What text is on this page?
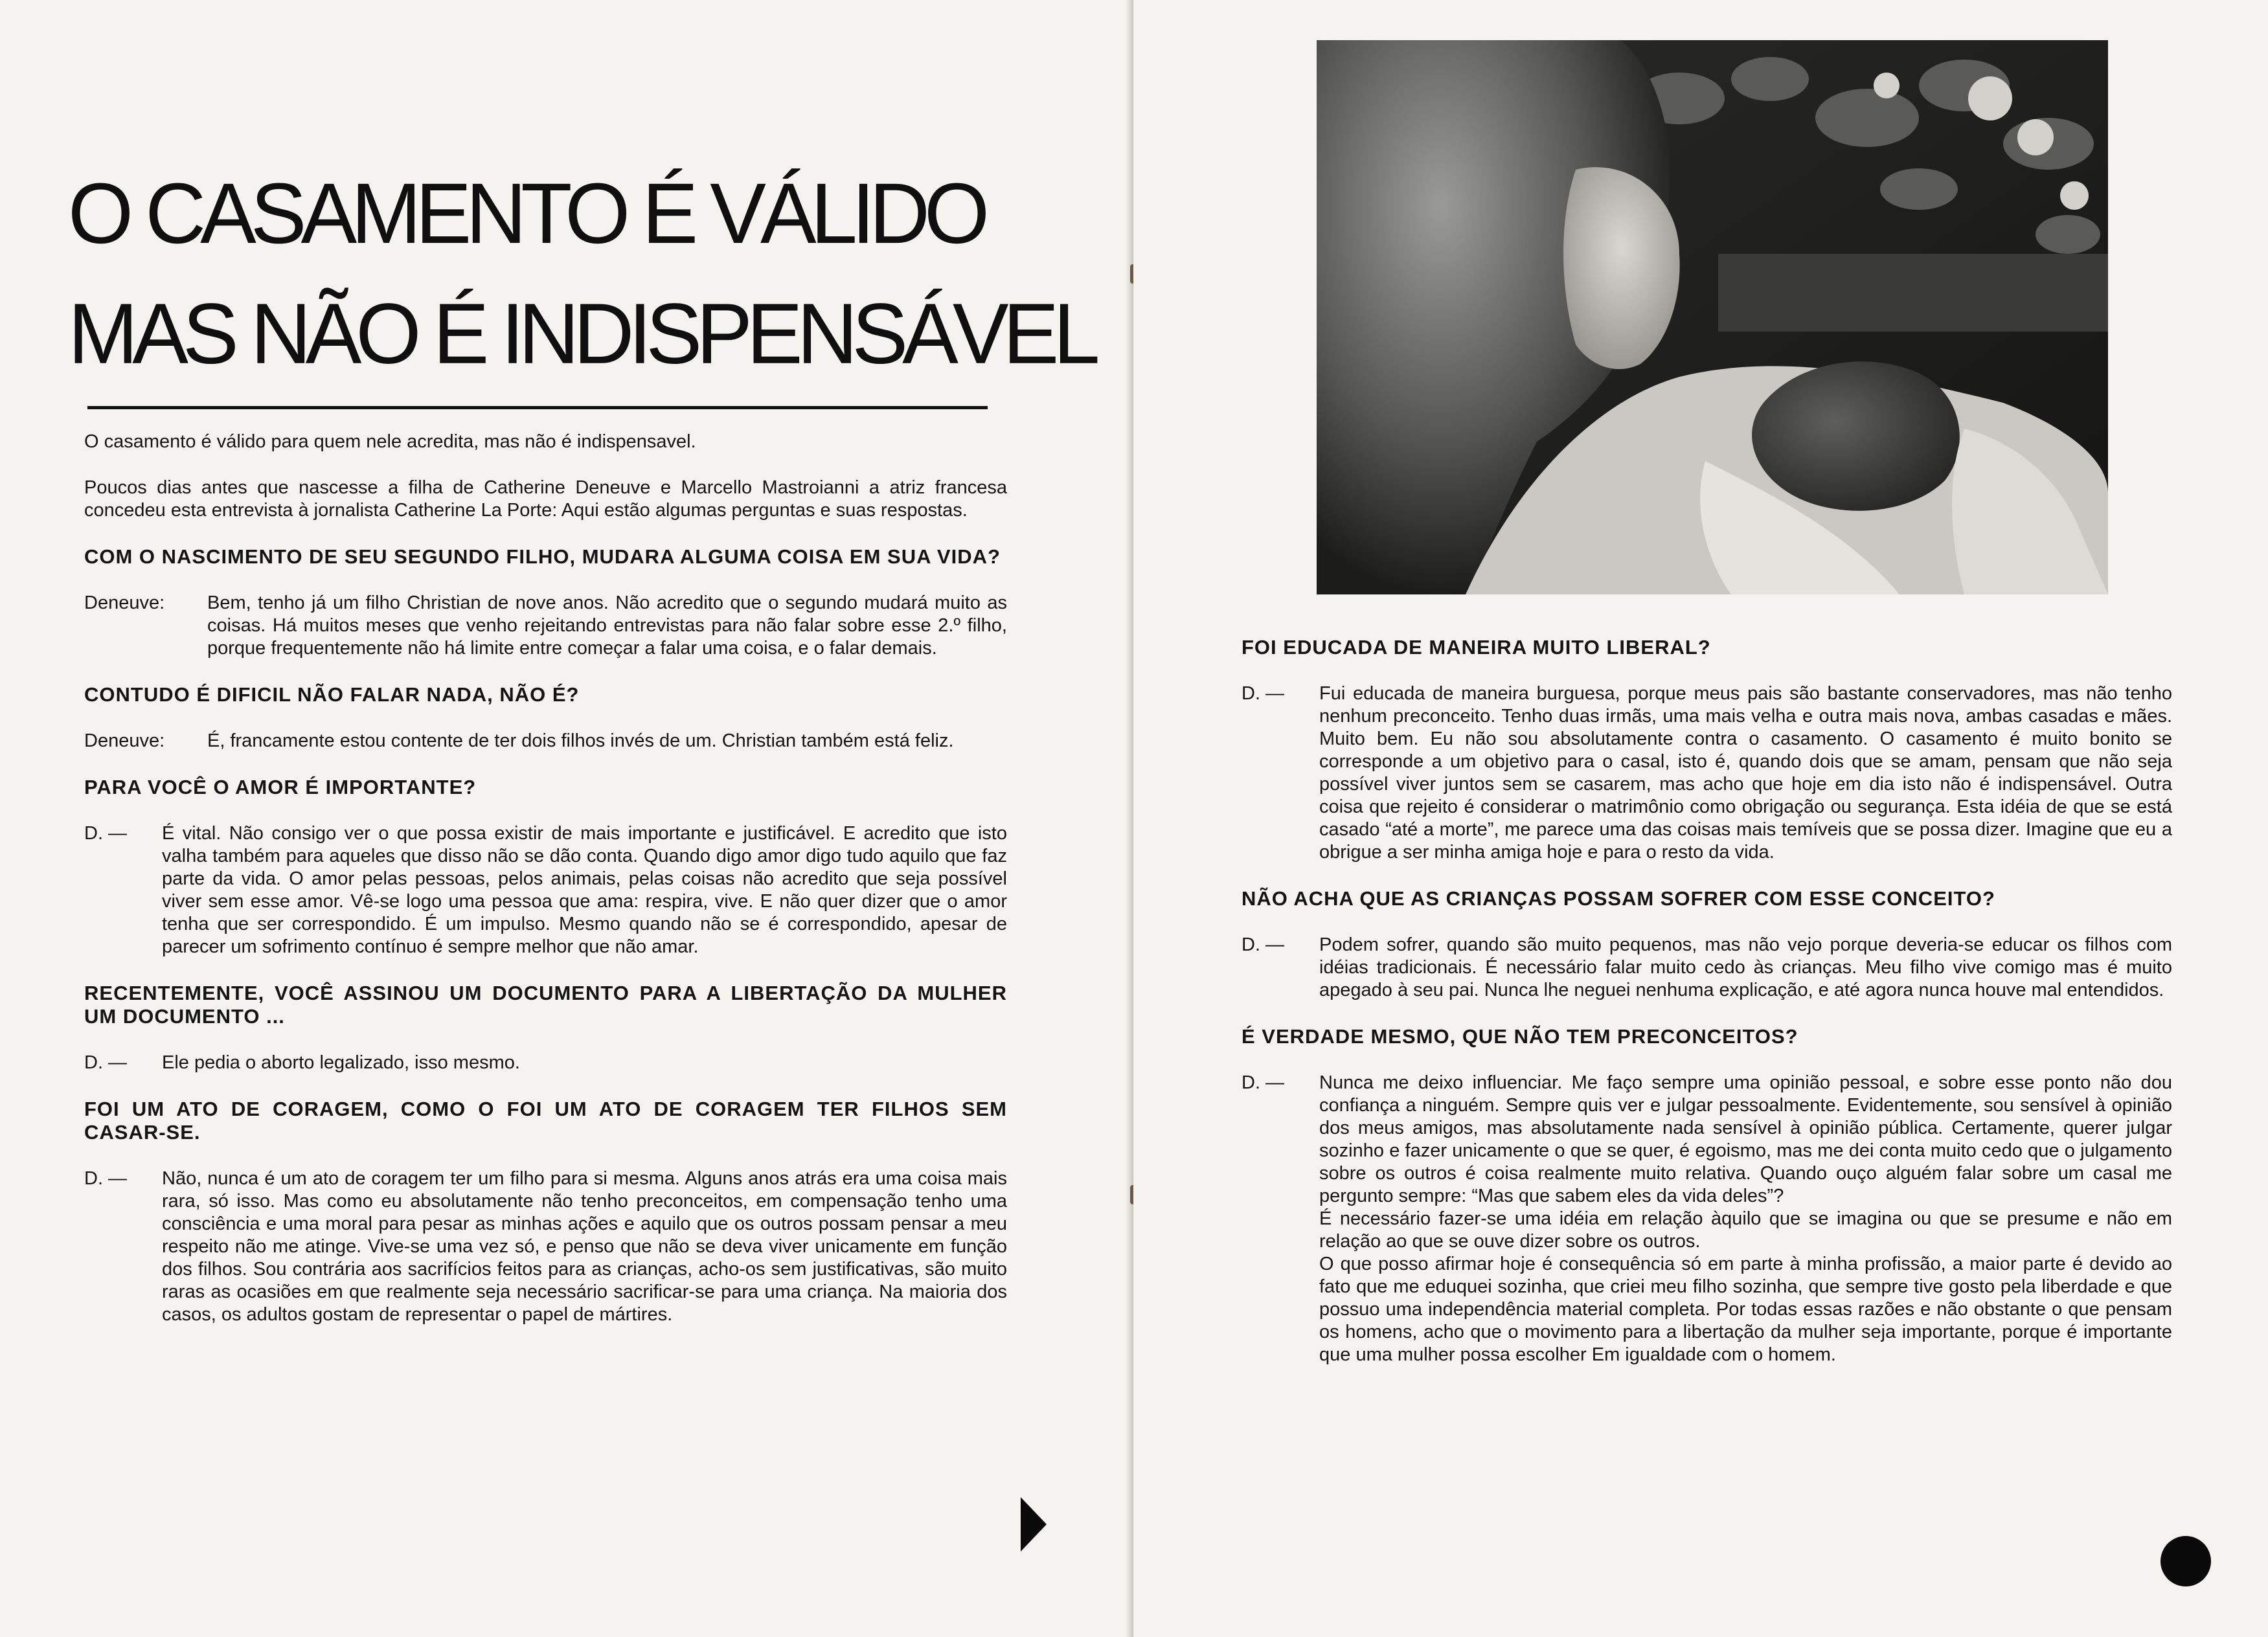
O CASAMENTO É VÁLIDO
MAS NÃO É INDISPENSÁVEL

O casamento é válido para quem nele acredita, mas não é indispensavel.

Poucos dias antes que nascesse a filha de Catherine Deneuve e Marcello Mastroianni a atriz francesa concedeu esta entrevista à jornalista Catherine La Porte: Aqui estão algumas perguntas e suas respostas.

COM O NASCIMENTO DE SEU SEGUNDO FILHO, MUDARA ALGUMA COISA EM SUA VIDA?
Deneuve:	Bem, tenho já um filho Christian de nove anos. Não acredito que o segundo mudará muito as coisas. Há muitos meses que venho rejeitando entrevistas para não falar sobre esse 2.º filho, porque frequentemente não há limite entre começar a falar uma coisa, e o falar demais.
CONTUDO É DIFICIL NÃO FALAR NADA, NÃO É?
Deneuve:	É, francamente estou contente de ter dois filhos invés de um. Christian também está feliz.
PARA VOCÊ O AMOR É IMPORTANTE?
D. —	É vital. Não consigo ver o que possa existir de mais importante e justificável. E acredito que isto valha também para aqueles que disso não se dão conta. Quando digo amor digo tudo aquilo que faz parte da vida. O amor pelas pessoas, pelos animais, pelas coisas não acredito que seja possível viver sem esse amor. Vê-se logo uma pessoa que ama: respira, vive. E não quer dizer que o amor tenha que ser correspondido. É um impulso. Mesmo quando não se é correspondido, apesar de parecer um sofrimento contínuo é sempre melhor que não amar.
RECENTEMENTE, VOCÊ ASSINOU UM DOCUMENTO PARA A LIBERTAÇÃO DA MULHER UM DOCUMENTO ...
D. —	Ele pedia o aborto legalizado, isso mesmo.
FOI UM ATO DE CORAGEM, COMO O FOI UM ATO DE CORAGEM TER FILHOS SEM CASAR-SE.
D. —	Não, nunca é um ato de coragem ter um filho para si mesma. Alguns anos atrás era uma coisa mais rara, só isso. Mas como eu absolutamente não tenho preconceitos, em compensação tenho uma consciência e uma moral para pesar as minhas ações e aquilo que os outros possam pensar a meu respeito não me atinge. Vive-se uma vez só, e penso que não se deva viver unicamente em função dos filhos. Sou contrária aos sacrifícios feitos para as crianças, acho-os sem justificativas, são muito raras as ocasiões em que realmente seja necessário sacrificar-se para uma criança. Na maioria dos casos, os adultos gostam de representar o papel de mártires.
FOI EDUCADA DE MANEIRA MUITO LIBERAL?
D. —	Fui educada de maneira burguesa, porque meus pais são bastante conservadores, mas não tenho nenhum preconceito. Tenho duas irmãs, uma mais velha e outra mais nova, ambas casadas e mães. Muito bem. Eu não sou absolutamente contra o casamento. O casamento é muito bonito se corresponde a um objetivo para o casal, isto é, quando dois que se amam, pensam que não seja possível viver juntos sem se casarem, mas acho que hoje em dia isto não é indispensável. Outra coisa que rejeito é considerar o matrimônio como obrigação ou segurança. Esta idéia de que se está casado “até a morte”, me parece uma das coisas mais temíveis que se possa dizer. Imagine que eu a obrigue a ser minha amiga hoje e para o resto da vida.
NÃO ACHA QUE AS CRIANÇAS POSSAM SOFRER COM ESSE CONCEITO?
D. —	Podem sofrer, quando são muito pequenos, mas não vejo porque deveria-se educar os filhos com idéias tradicionais. É necessário falar muito cedo às crianças. Meu filho vive comigo mas é muito apegado à seu pai. Nunca lhe neguei nenhuma explicação, e até agora nunca houve mal entendidos.
É VERDADE MESMO, QUE NÃO TEM PRECONCEITOS?
D. —	Nunca me deixo influenciar. Me faço sempre uma opinião pessoal, e sobre esse ponto não dou confiança a ninguém. Sempre quis ver e julgar pessoalmente. Evidentemente, sou sensível à opinião dos meus amigos, mas absolutamente nada sensível à opinião pública. Certamente, querer julgar sozinho e fazer unicamente o que se quer, é egoismo, mas me dei conta muito cedo que o julgamento sobre os outros é coisa realmente muito relativa. Quando ouço alguém falar sobre um casal me pergunto sempre: “Mas que sabem eles da vida deles”?
É necessário fazer-se uma idéia em relação àquilo que se imagina ou que se presume e não em relação ao que se ouve dizer sobre os outros.
O que posso afirmar hoje é consequência só em parte à minha profissão, a maior parte é devido ao fato que me eduquei sozinha, que criei meu filho sozinha, que sempre tive gosto pela liberdade e que possuo uma independência material completa. Por todas essas razões e não obstante o que pensam os homens, acho que o movimento para a libertação da mulher seja importante, porque é importante que uma mulher possa escolher Em igualdade com o homem.
